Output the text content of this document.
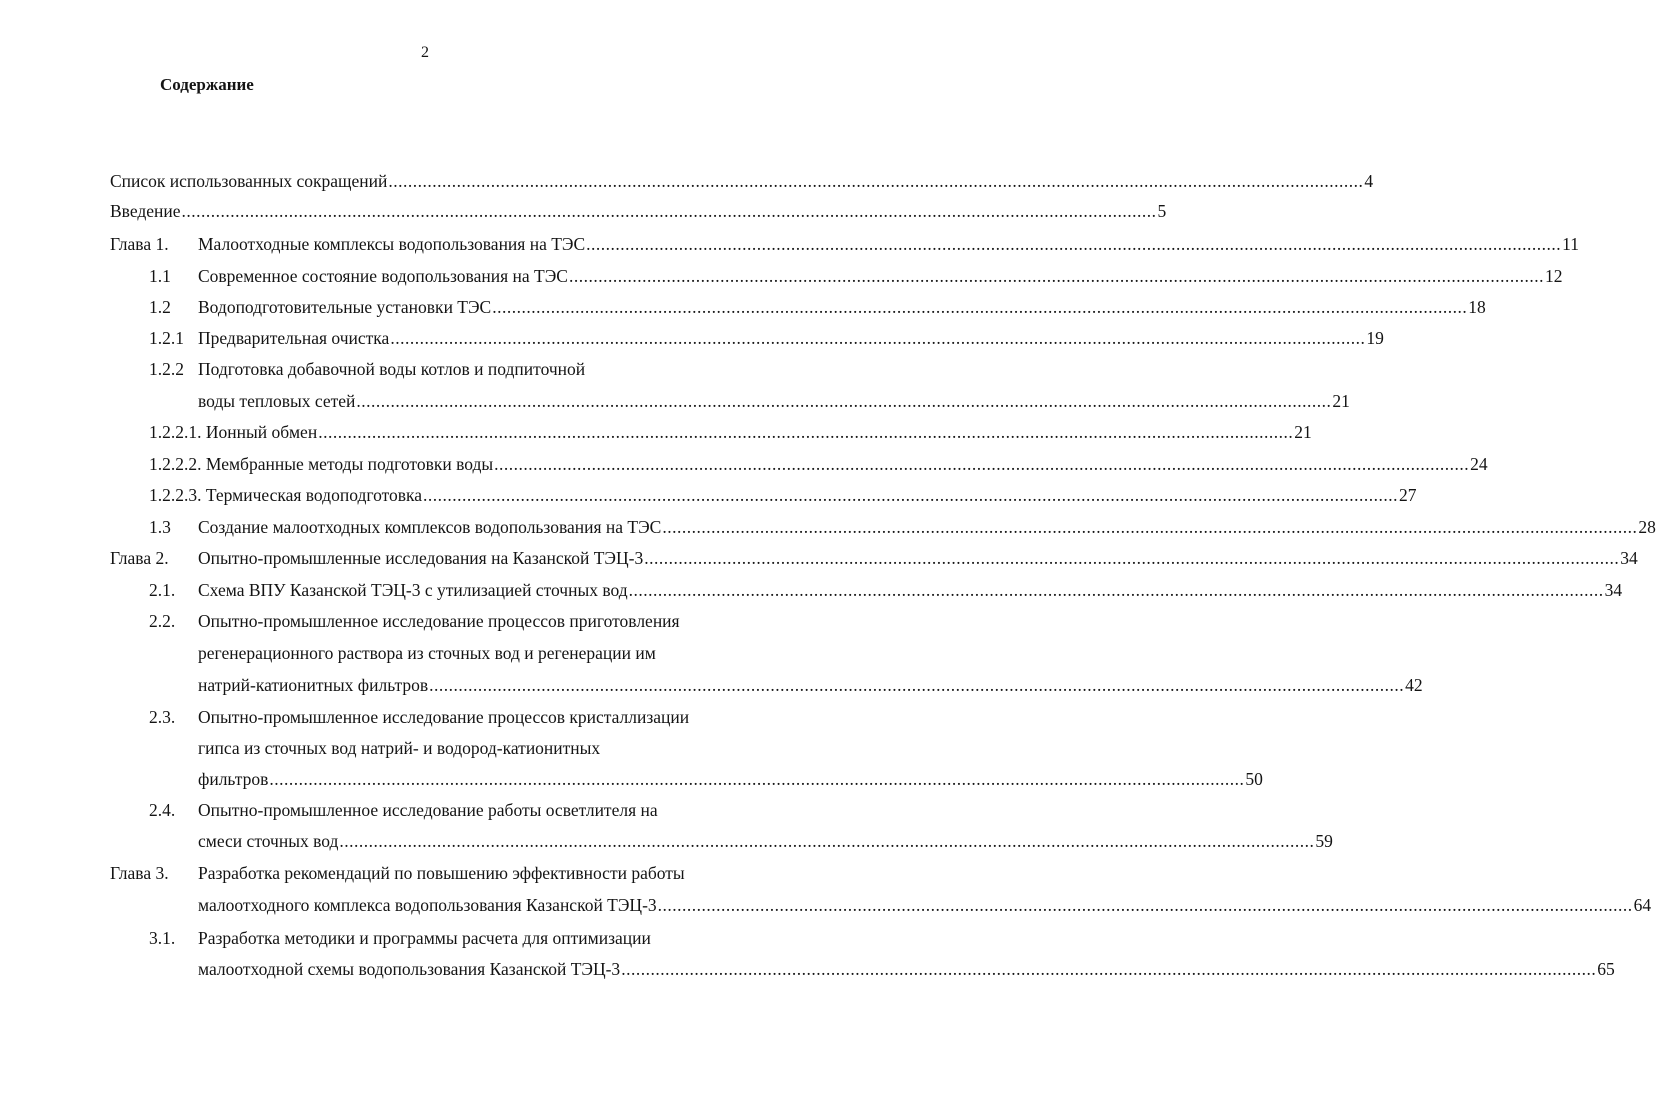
2
Содержание
Список использованных сокращений ........................................................................................................................................................................................................ 4
Введение ........................................................................................................................................................................................................ 5
Глава 1.	Малоотходные комплексы водопользования на ТЭС ........................................................................................................................................................................................................ 11
1.1	Современное состояние водопользования на ТЭС ........................................................................................................................................................................................................ 12
1.2	Водоподготовительные установки ТЭС ........................................................................................................................................................................................................ 18
1.2.1 Предварительная очистка ........................................................................................................................................................................................................ 19
1.2.2 Подготовка добавочной воды котлов и подпиточной
воды тепловых сетей ........................................................................................................................................................................................................ 21
1.2.2.1. Ионный обмен ........................................................................................................................................................................................................ 21
1.2.2.2. Мембранные методы подготовки воды ........................................................................................................................................................................................................ 24
1.2.2.3. Термическая водоподготовка ........................................................................................................................................................................................................ 27
1.3	Создание малоотходных комплексов водопользования на ТЭС ........................................................................................................................................................................................................ 28
Глава 2.	Опытно-промышленные исследования на Казанской ТЭЦ-3 ........................................................................................................................................................................................................ 34
2.1.	Схема ВПУ Казанской ТЭЦ-3 с утилизацией сточных вод ........................................................................................................................................................................................................ 34
2.2.	Опытно-промышленное исследование процессов приготовления
регенерационного раствора из сточных вод и регенерации им
натрий-катионитных фильтров ........................................................................................................................................................................................................ 42
2.3.	Опытно-промышленное исследование процессов кристаллизации
гипса из сточных вод натрий- и водород-катионитных
фильтров ........................................................................................................................................................................................................ 50
2.4.	Опытно-промышленное исследование работы осветлителя на
смеси сточных вод ........................................................................................................................................................................................................ 59
Глава 3.	Разработка рекомендаций по повышению эффективности работы
малоотходного комплекса водопользования Казанской ТЭЦ-3 ........................................................................................................................................................................................................ 64
3.1.	Разработка методики и программы расчета для оптимизации
малоотходной схемы водопользования Казанской ТЭЦ-3 ........................................................................................................................................................................................................ 65
